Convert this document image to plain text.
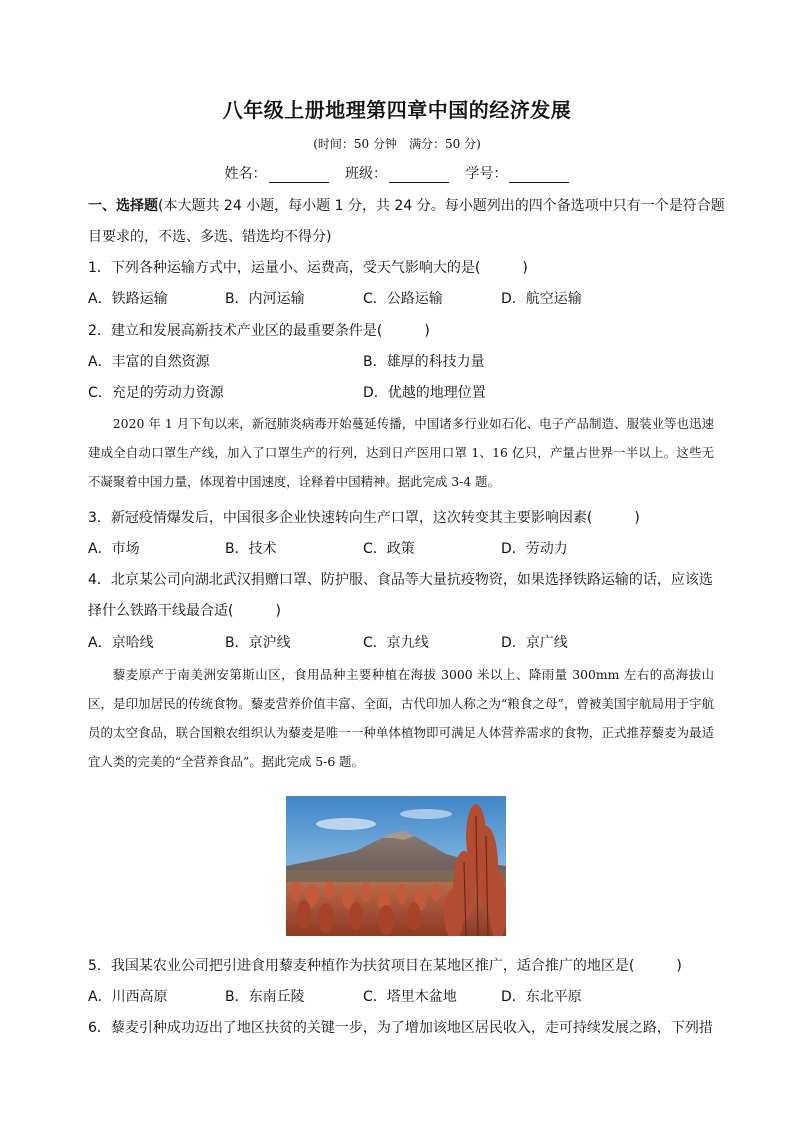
八年级上册地理第四章中国的经济发展
(时间：50 分钟　满分：50 分)
姓名：	班级：	学号：
一、选择题(本大题共 24 小题，每小题 1 分，共 24 分。每小题列出的四个备选项中只有一个是符合题
目要求的，不选、多选、错选均不得分)
1．下列各种运输方式中，运量小、运费高，受天气影响大的是(　　　)
A．铁路运输	B．内河运输	C．公路运输	D．航空运输
2．建立和发展高新技术产业区的最重要条件是(　　　)
A．丰富的自然资源	B．雄厚的科技力量
C．充足的劳动力资源	D．优越的地理位置

2020 年 1 月下旬以来，新冠肺炎病毒开始蔓延传播，中国诸多行业如石化、电子产品制造、服装业等也迅速建成全自动口罩生产线，加入了口罩生产的行列，达到日产医用口罩 1、16 亿只，产量占世界一半以上。这些无不凝聚着中国力量，体现着中国速度，诠释着中国精神。据此完成 3-4 题。

3．新冠疫情爆发后，中国很多企业快速转向生产口罩，这次转变其主要影响因素(　　　)
A．市场	B．技术	C．政策	D．劳动力
4．北京某公司向湖北武汉捐赠口罩、防护服、食品等大量抗疫物资，如果选择铁路运输的话，应该选
择什么铁路干线最合适(　　　)
A．京哈线	B．京沪线	C．京九线	D．京广线

藜麦原产于南美洲安第斯山区，食用品种主要种植在海拔 3000 米以上、降雨量 300mm 左右的高海拔山区，是印加居民的传统食物。藜麦营养价值丰富、全面，古代印加人称之为“粮食之母”，曾被美国宇航局用于宇航员的太空食品，联合国粮农组织认为藜麦是唯一一种单体植物即可满足人体营养需求的食物，正式推荐藜麦为最适宜人类的完美的“全营养食品”。据此完成 5-6 题。

5．我国某农业公司把引进食用藜麦种植作为扶贫项目在某地区推广，适合推广的地区是(　　　)
A．川西高原	B．东南丘陵	C．塔里木盆地	D．东北平原
6．藜麦引种成功迈出了地区扶贫的关键一步，为了增加该地区居民收入，走可持续发展之路，下列措
